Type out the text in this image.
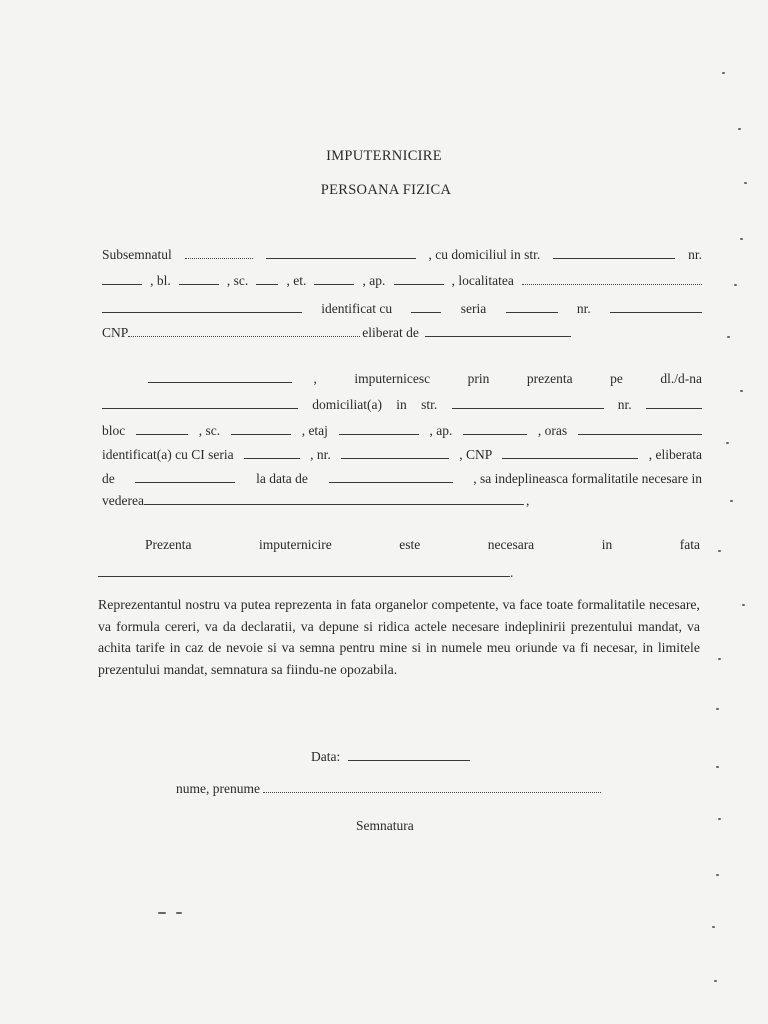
IMPUTERNICIRE
PERSOANA FIZICA
Subsemnatul	, cu domiciliul in str.	nr.
, bl.	, sc.	, et.	, ap.	, localitatea
identificat cu	seria	nr.
CNP	eliberat de
,	imputernicesc	prin	prezenta	pe	dl./d-na
domiciliat(a) in str.	nr.
bloc	, sc.	, etaj	, ap.	, oras
identificat(a) cu CI seria	, nr.	, CNP	, eliberata
de	la data de	, sa indeplineasca formalitatile necesare in
vederea	,
Prezenta	imputernicire	este	necesara	in	fata
.
Reprezentantul nostru va putea reprezenta in fata organelor competente, va face toate formalitatile necesare, va formula cereri, va da declaratii, va depune si ridica actele necesare indeplinirii prezentului mandat, va achita tarife in caz de nevoie si va semna pentru mine si in numele meu oriunde va fi necesar, in limitele prezentului mandat, semnatura sa fiindu-ne opozabila.
Data:
nume, prenume
Semnatura
